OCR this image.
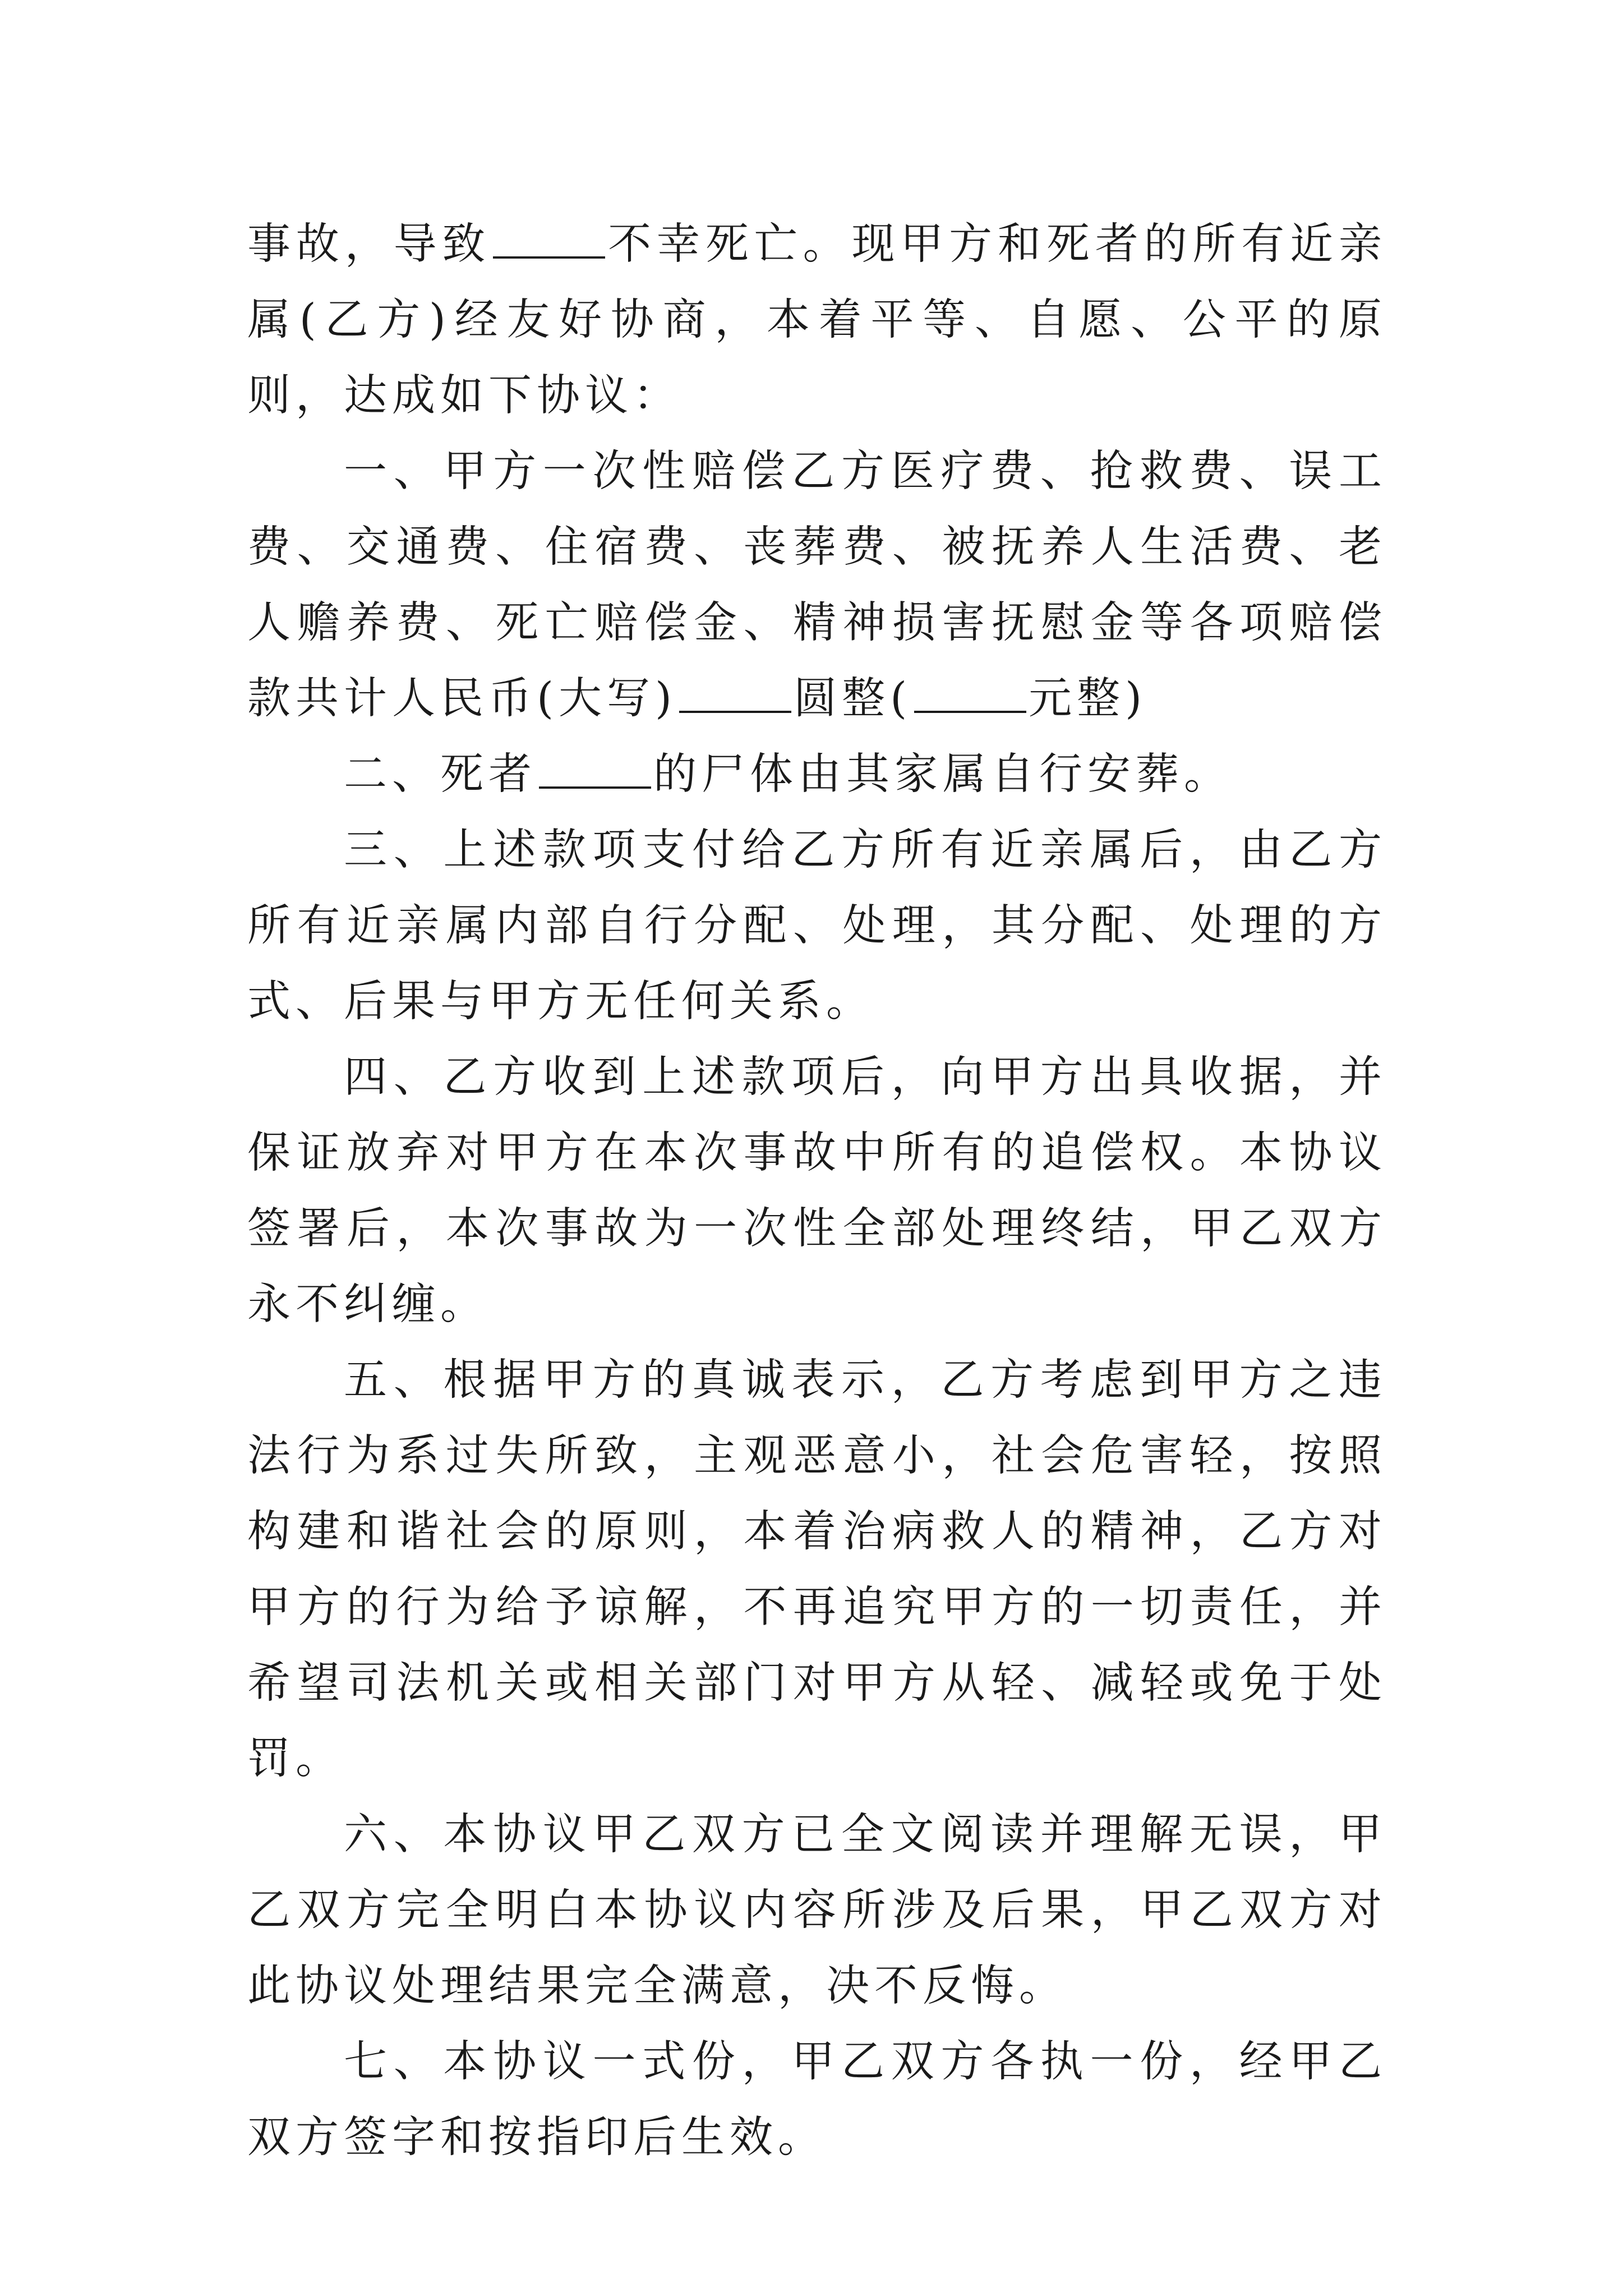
事故，导致	不幸死亡。现甲方和死者的所有近亲属(乙方)经友好协商，本着平等、自愿、公平的原则，达成如下协议：

一、甲方一次性赔偿乙方医疗费、抢救费、误工费、交通费、住宿费、丧葬费、被抚养人生活费、老人赡养费、死亡赔偿金、精神损害抚慰金等各项赔偿款共计人民币(大写)	圆整(	元整)

二、死者	的尸体由其家属自行安葬。

三、上述款项支付给乙方所有近亲属后，由乙方所有近亲属内部自行分配、处理，其分配、处理的方式、后果与甲方无任何关系。

四、乙方收到上述款项后，向甲方出具收据，并保证放弃对甲方在本次事故中所有的追偿权。本协议签署后，本次事故为一次性全部处理终结，甲乙双方永不纠缠。

五、根据甲方的真诚表示，乙方考虑到甲方之违法行为系过失所致，主观恶意小，社会危害轻，按照构建和谐社会的原则，本着治病救人的精神，乙方对甲方的行为给予谅解，不再追究甲方的一切责任，并希望司法机关或相关部门对甲方从轻、减轻或免于处罚。

六、本协议甲乙双方已全文阅读并理解无误，甲乙双方完全明白本协议内容所涉及后果，甲乙双方对此协议处理结果完全满意，决不反悔。

七、本协议一式份，甲乙双方各执一份，经甲乙双方签字和按指印后生效。
